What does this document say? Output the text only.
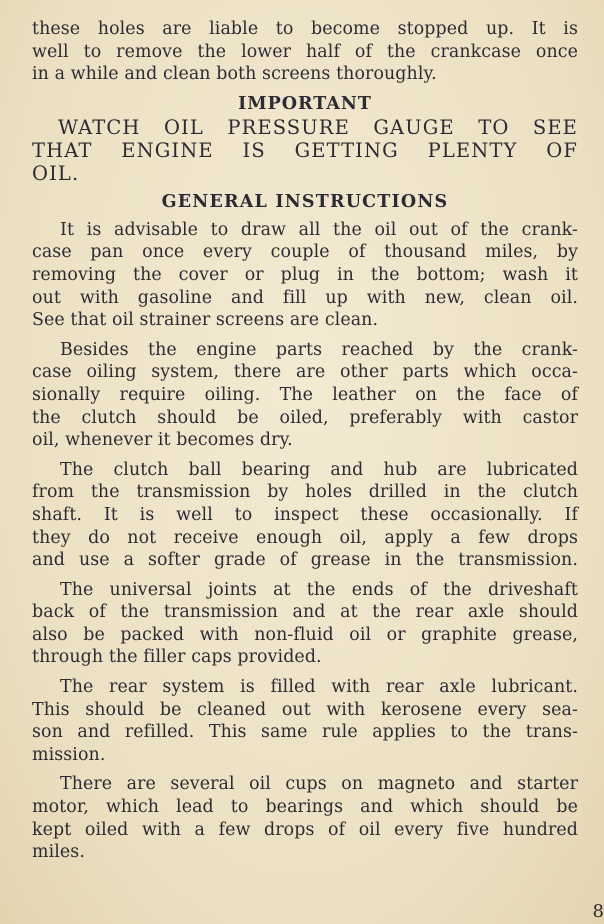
these holes are liable to become stopped up. It is
well to remove the lower half of the crankcase once
in a while and clean both screens thoroughly.
IMPORTANT
WATCH OIL PRESSURE GAUGE TO SEE
THAT ENGINE IS GETTING PLENTY OF
OIL.
GENERAL INSTRUCTIONS
It is advisable to draw all the oil out of the crank-
case pan once every couple of thousand miles, by
removing the cover or plug in the bottom; wash it
out with gasoline and fill up with new, clean oil.
See that oil strainer screens are clean.
Besides the engine parts reached by the crank-
case oiling system, there are other parts which occa-
sionally require oiling. The leather on the face of
the clutch should be oiled, preferably with castor
oil, whenever it becomes dry.
The clutch ball bearing and hub are lubricated
from the transmission by holes drilled in the clutch
shaft. It is well to inspect these occasionally. If
they do not receive enough oil, apply a few drops
and use a softer grade of grease in the transmission.
The universal joints at the ends of the driveshaft
back of the transmission and at the rear axle should
also be packed with non-fluid oil or graphite grease,
through the filler caps provided.
The rear system is filled with rear axle lubricant.
This should be cleaned out with kerosene every sea-
son and refilled. This same rule applies to the trans-
mission.
There are several oil cups on magneto and starter
motor, which lead to bearings and which should be
kept oiled with a few drops of oil every five hundred
miles.
8
